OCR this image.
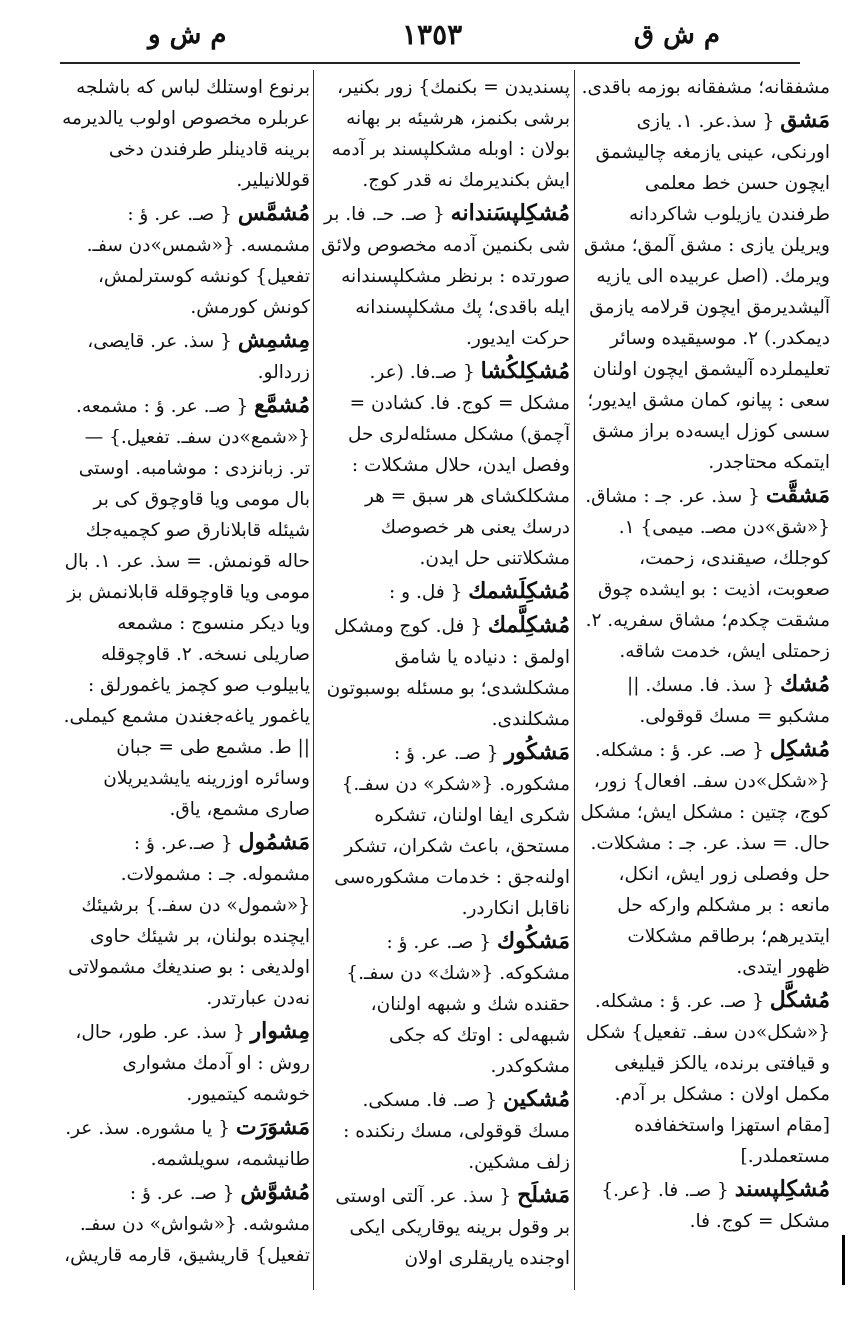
م ش و	١٣٥٣	م ش ق
مشفقانه؛ مشفقانه بوزمه باقدى.
مَشق { سذ.عر. ١. يازى اورنكى، عينى يازمغه چاليشمق ايچون حسن خط معلمى طرفندن يازيلوب شاكردانه ويريلن يازى : مشق آلمق؛ مشق ويرمك. (اصل عربيده الى يازيه آليشديرمق ايچون قرلامه يازمق ديمكدر.) ٢. موسيقيده وسائر تعليملرده آليشمق ايچون اولنان سعى : پيانو، كمان مشق ايديور؛ سسى كوزل ايسه‌ده براز مشق ايتمكه محتاجدر.
مَشقَّت { سذ. عر. جـ : مشاق. {«شق»دن مصـ. ميمى} ١. كوجلك، صيقندى، زحمت، صعوبت، اذيت : بو ايشده چوق مشقت چكدم؛ مشاق سفريه. ٢. زحمتلى ايش، خدمت شاقه.
مُشك { سذ. فا. مسك. || مشكبو = مسك قوقولى.
مُشكِل { صـ. عر. ؤ : مشكله. {«شكل»دن سفـ. افعال} زور، كوج، چتين : مشكل ايش؛ مشكل حال. = سذ. عر. جـ : مشكلات. حل وفصلى زور ايش، انكل، مانعه : بر مشكلم واركه حل ايتديرهم؛ برطاقم مشكلات ظهور ايتدى.
مُشكَّل { صـ. عر. ؤ : مشكله. {«شكل»دن سفـ. تفعيل} شكل و قيافتى برنده، يالكز قيليغى مكمل اولان : مشكل بر آدم. [مقام استهزا واستخفافده مستعملدر.]
مُشكِلپسند { صـ. فا. {عر.} مشكل = كوج. فا.
پسنديدن = بكنمك} زور بكنير، برشى بكنمز، هرشيئه بر بهانه بولان : اوبله مشكلپسند بر آدمه ايش بكنديرمك نه قدر كوج.
مُشكِلپسَندانه { صـ. حـ. فا. بر شى بكنمين آدمه مخصوص ولائق صورتده : برنظر مشكلپسندانه ايله باقدى؛ پك مشكلپسندانه حركت ايديور.
مُشكِلكُشا { صـ.فا. (عر. مشكل = كوج. فا. كشادن = آچمق) مشكل مسئله‌لرى حل وفصل ايدن، حلال مشكلات : مشكلكشاى هر سبق = هر درسك يعنى هر خصوصك مشكلاتنى حل ايدن.
مُشكِلَشمك { فل. و :
مُشكِلَّمك { فل. كوج ومشكل اولمق : دنياده يا شامق مشكلشدى؛ بو مسئله بوسبوتون مشكلندى.
مَشكُور { صـ. عر. ؤ : مشكوره. {«شكر» دن سفـ.} شكرى ايفا اولنان، تشكره مستحق، باعث شكران، تشكر اولنه‌جق : خدمات مشكوره‌سى ناقابل انكاردر.
مَشكُوك { صـ. عر. ؤ : مشكوكه. {«شك» دن سفـ.} حقنده شك و شبهه اولنان، شبهه‌لى : اوتك كه جكى مشكوكدر.
مُشكين { صـ. فا. مسكى. مسك قوقولى، مسك رنكنده : زلف مشكين.
مَشلَح { سذ. عر. آلتى اوستى بر وقول برينه يوقاريكى ايكى اوجنده ياريقلرى اولان
برنوع اوستلك لباس كه باشلجه عربلره مخصوص اولوب يالديرمه برينه قادينلر طرفندن دخى قوللانيلير.
مُشمَّس { صـ. عر. ؤ : مشمسه. {«شمس»دن سفـ. تفعيل} كونشه كوسترلمش، كونش كورمش.
مِشمِش { سذ. عر. قايصى، زردالو.
مُشمَّع { صـ. عر. ؤ : مشمعه. {«شمع»دن سفـ. تفعيل.} — تر. زبانزدى : موشامبه. اوستى بال مومى ويا قاوچوق كى بر شيئله قابلانارق صو كچميه‌جك حاله قونمش. = سذ. عر. ١. بال مومى ويا قاوچوقله قابلانمش بز ويا ديكر منسوج : مشمعه صاريلى نسخه. ٢. قاوچوقله يابيلوب صو كچمز ياغمورلق : ياغمور ياغه‌جغندن مشمع كيملى. || ط. مشمع طى = جبان وسائره اوزرينه يايشديريلان صارى مشمع، ياق.
مَشمُول { صـ.عر. ؤ : مشموله. جـ : مشمولات. {«شمول» دن سفـ.} برشيئك ايچنده بولنان، بر شيئك حاوى اولديغى : بو صنديغك مشمولاتى نه‌دن عبارتدر.
مِشوار { سذ. عر. طور، حال، روش : او آدمك مشوارى خوشمه كيتميور.
مَشوَرَت { يا مشوره. سذ. عر. طانيشمه، سويلشمه.
مُشوَّش { صـ. عر. ؤ : مشوشه. {«شواش» دن سفـ. تفعيل} قاريشيق، قارمه قاريش،
